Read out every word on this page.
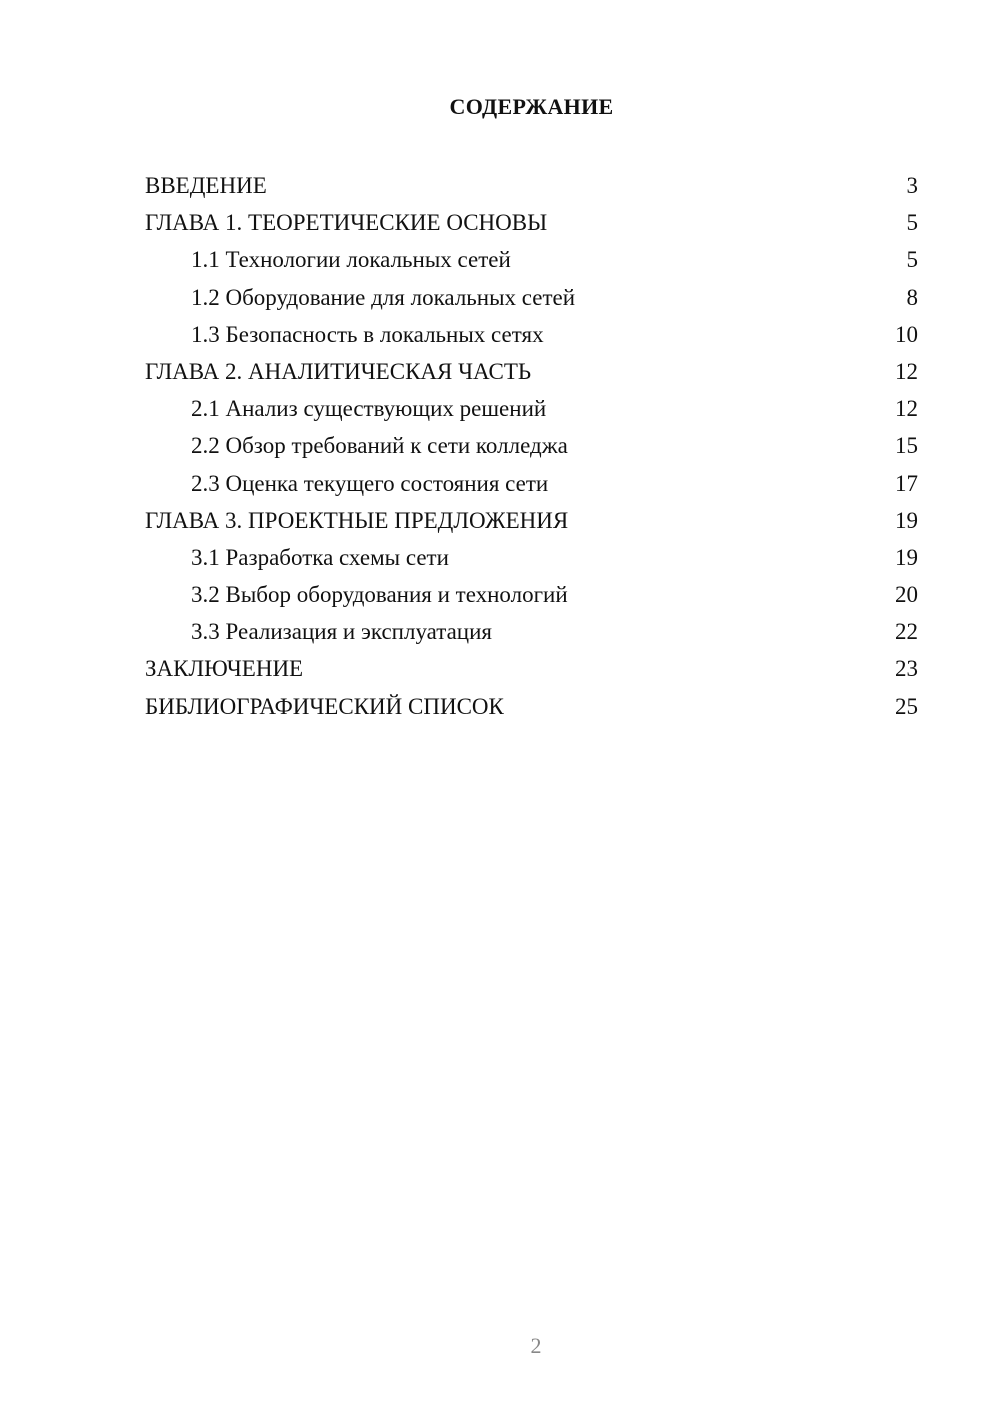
СОДЕРЖАНИЕ
ВВЕДЕНИЕ	3
ГЛАВА 1. ТЕОРЕТИЧЕСКИЕ ОСНОВЫ	5
1.1 Технологии локальных сетей	5
1.2 Оборудование для локальных сетей	8
1.3 Безопасность в локальных сетях	10
ГЛАВА 2. АНАЛИТИЧЕСКАЯ ЧАСТЬ	12
2.1 Анализ существующих решений	12
2.2 Обзор требований к сети колледжа	15
2.3 Оценка текущего состояния сети	17
ГЛАВА 3. ПРОЕКТНЫЕ ПРЕДЛОЖЕНИЯ	19
3.1 Разработка схемы сети	19
3.2 Выбор оборудования и технологий	20
3.3 Реализация и эксплуатация	22
ЗАКЛЮЧЕНИЕ	23
БИБЛИОГРАФИЧЕСКИЙ СПИСОК	25
2
